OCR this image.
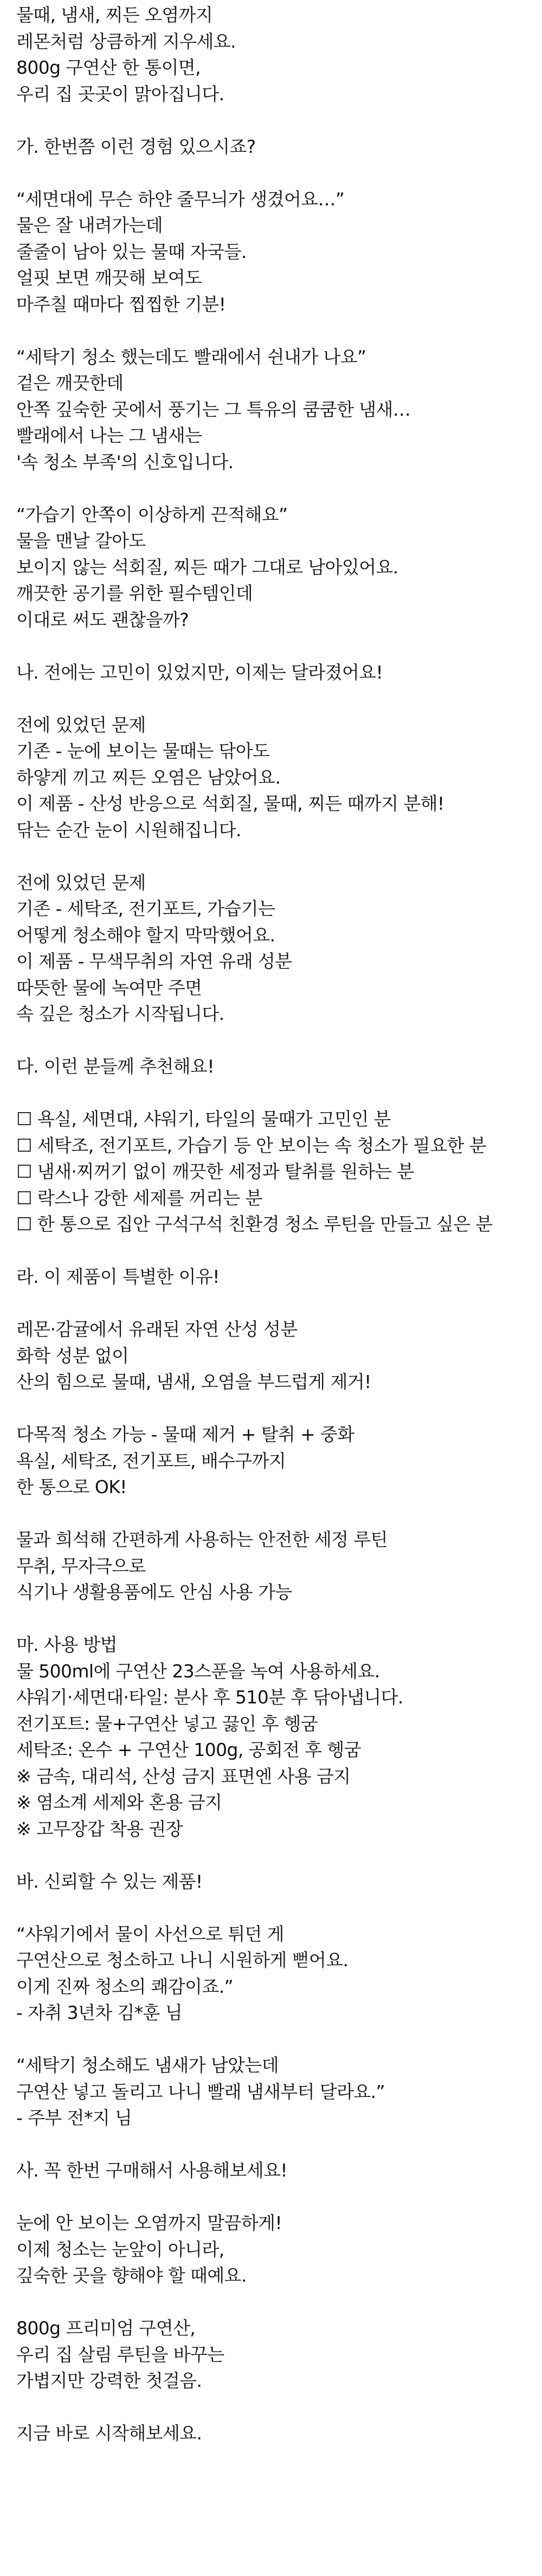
물때, 냄새, 찌든 오염까지
레몬처럼 상큼하게 지우세요.
800g 구연산 한 통이면,
우리 집 곳곳이 맑아집니다.
가. 한번쯤 이런 경험 있으시죠?
“세면대에 무슨 하얀 줄무늬가 생겼어요…”
물은 잘 내려가는데
줄줄이 남아 있는 물때 자국들.
얼핏 보면 깨끗해 보여도
마주칠 때마다 찝찝한 기분!
“세탁기 청소 했는데도 빨래에서 쉰내가 나요”
겉은 깨끗한데
안쪽 깊숙한 곳에서 풍기는 그 특유의 쿰쿰한 냄새…
빨래에서 나는 그 냄새는
'속 청소 부족'의 신호입니다.
“가습기 안쪽이 이상하게 끈적해요”
물을 맨날 갈아도
보이지 않는 석회질, 찌든 때가 그대로 남아있어요.
깨끗한 공기를 위한 필수템인데
이대로 써도 괜찮을까?
나. 전에는 고민이 있었지만, 이제는 달라졌어요!
전에 있었던 문제
기존 - 눈에 보이는 물때는 닦아도
하얗게 끼고 찌든 오염은 남았어요.
이 제품 - 산성 반응으로 석회질, 물때, 찌든 때까지 분해!
닦는 순간 눈이 시원해집니다.
전에 있었던 문제
기존 - 세탁조, 전기포트, 가습기는
어떻게 청소해야 할지 막막했어요.
이 제품 - 무색무취의 자연 유래 성분
따뜻한 물에 녹여만 주면
속 깊은 청소가 시작됩니다.
다. 이런 분들께 추천해요!
☐ 욕실, 세면대, 샤워기, 타일의 물때가 고민인 분
☐ 세탁조, 전기포트, 가습기 등 안 보이는 속 청소가 필요한 분
☐ 냄새·찌꺼기 없이 깨끗한 세정과 탈취를 원하는 분
☐ 락스나 강한 세제를 꺼리는 분
☐ 한 통으로 집안 구석구석 친환경 청소 루틴을 만들고 싶은 분
라. 이 제품이 특별한 이유!
레몬·감귤에서 유래된 자연 산성 성분
화학 성분 없이
산의 힘으로 물때, 냄새, 오염을 부드럽게 제거!
다목적 청소 가능 - 물때 제거 + 탈취 + 중화
욕실, 세탁조, 전기포트, 배수구까지
한 통으로 OK!
물과 희석해 간편하게 사용하는 안전한 세정 루틴
무취, 무자극으로
식기나 생활용품에도 안심 사용 가능
마. 사용 방법
물 500ml에 구연산 23스푼을 녹여 사용하세요.
샤워기·세면대·타일: 분사 후 510분 후 닦아냅니다.
전기포트: 물+구연산 넣고 끓인 후 헹굼
세탁조: 온수 + 구연산 100g, 공회전 후 헹굼
※ 금속, 대리석, 산성 금지 표면엔 사용 금지
※ 염소계 세제와 혼용 금지
※ 고무장갑 착용 권장
바. 신뢰할 수 있는 제품!
“샤워기에서 물이 사선으로 튀던 게
구연산으로 청소하고 나니 시원하게 뻗어요.
이게 진짜 청소의 쾌감이죠.”
- 자취 3년차 김*훈 님
“세탁기 청소해도 냄새가 남았는데
구연산 넣고 돌리고 나니 빨래 냄새부터 달라요.”
- 주부 전*지 님
사. 꼭 한번 구매해서 사용해보세요!
눈에 안 보이는 오염까지 말끔하게!
이제 청소는 눈앞이 아니라,
깊숙한 곳을 향해야 할 때예요.
800g 프리미엄 구연산,
우리 집 살림 루틴을 바꾸는
가볍지만 강력한 첫걸음.
지금 바로 시작해보세요.
